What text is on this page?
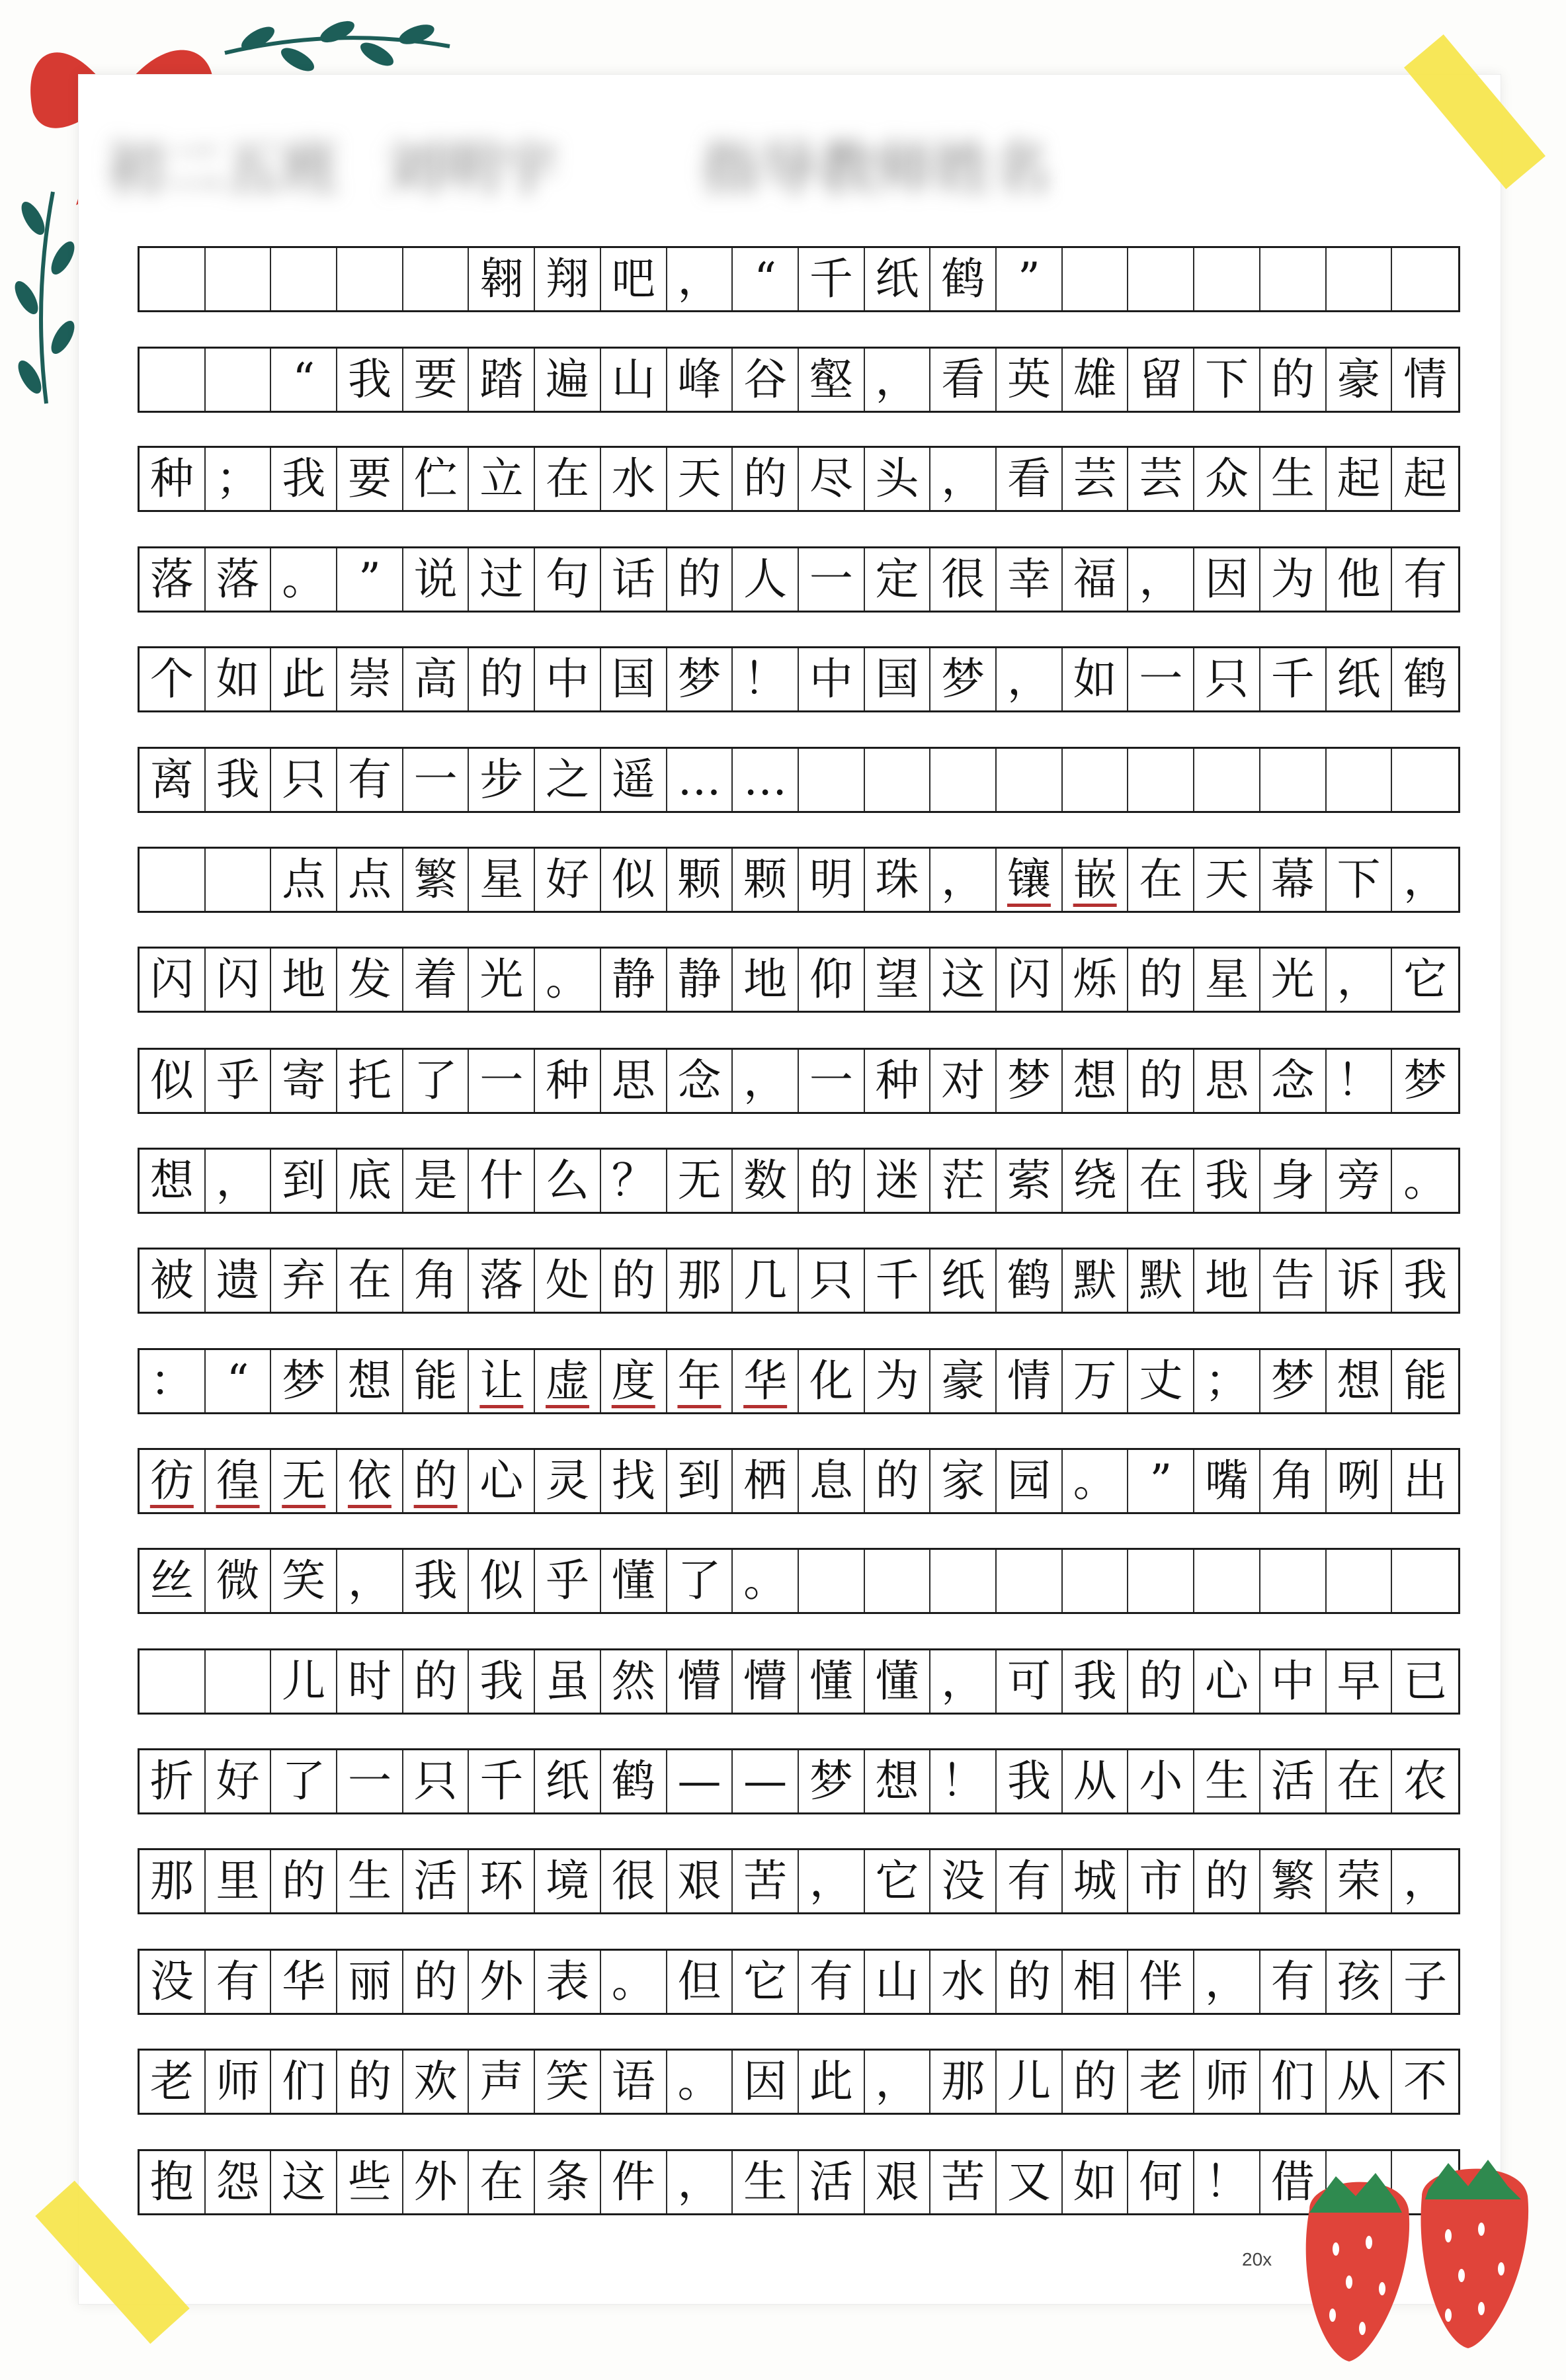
初二五班 刘明宇 指导教师姓名
翱 翔 吧 ， “ 千 纸 鹤 ”
“ 我 要 踏 遍 山 峰 谷 壑 ， 看 英 雄 留 下 的 豪 情
种 ； 我 要 伫 立 在 水 天 的 尽 头 ， 看 芸 芸 众 生 起 起
落 落 。 ” 说 过 句 话 的 人 一 定 很 幸 福 ， 因 为 他 有
个 如 此 崇 高 的 中 国 梦 ！ 中 国 梦 ， 如 一 只 千 纸 鹤
离 我 只 有 一 步 之 遥 … …
点 点 繁 星 好 似 颗 颗 明 珠 ， 镶 嵌 在 天 幕 下 ，
闪 闪 地 发 着 光 。 静 静 地 仰 望 这 闪 烁 的 星 光 ， 它
似 乎 寄 托 了 一 种 思 念 ， 一 种 对 梦 想 的 思 念 ！ 梦
想 ， 到 底 是 什 么 ？ 无 数 的 迷 茫 萦 绕 在 我 身 旁 。
被 遗 弃 在 角 落 处 的 那 几 只 千 纸 鹤 默 默 地 告 诉 我
： “ 梦 想 能 让 虚 度 年 华 化 为 豪 情 万 丈 ； 梦 想 能
彷 徨 无 依 的 心 灵 找 到 栖 息 的 家 园 。 ” 嘴 角 咧 出
丝 微 笑 ， 我 似 乎 懂 了 。
儿 时 的 我 虽 然 懵 懵 懂 懂 ， 可 我 的 心 中 早 已
折 好 了 一 只 千 纸 鹤 — — 梦 想 ！ 我 从 小 生 活 在 农
那 里 的 生 活 环 境 很 艰 苦 ， 它 没 有 城 市 的 繁 荣 ，
没 有 华 丽 的 外 表 。 但 它 有 山 水 的 相 伴 ， 有 孩 子
老 师 们 的 欢 声 笑 语 。 因 此 ， 那 儿 的 老 师 们 从 不
抱 怨 这 些 外 在 条 件 ， 生 活 艰 苦 又 如 何 ！ 借
20x
